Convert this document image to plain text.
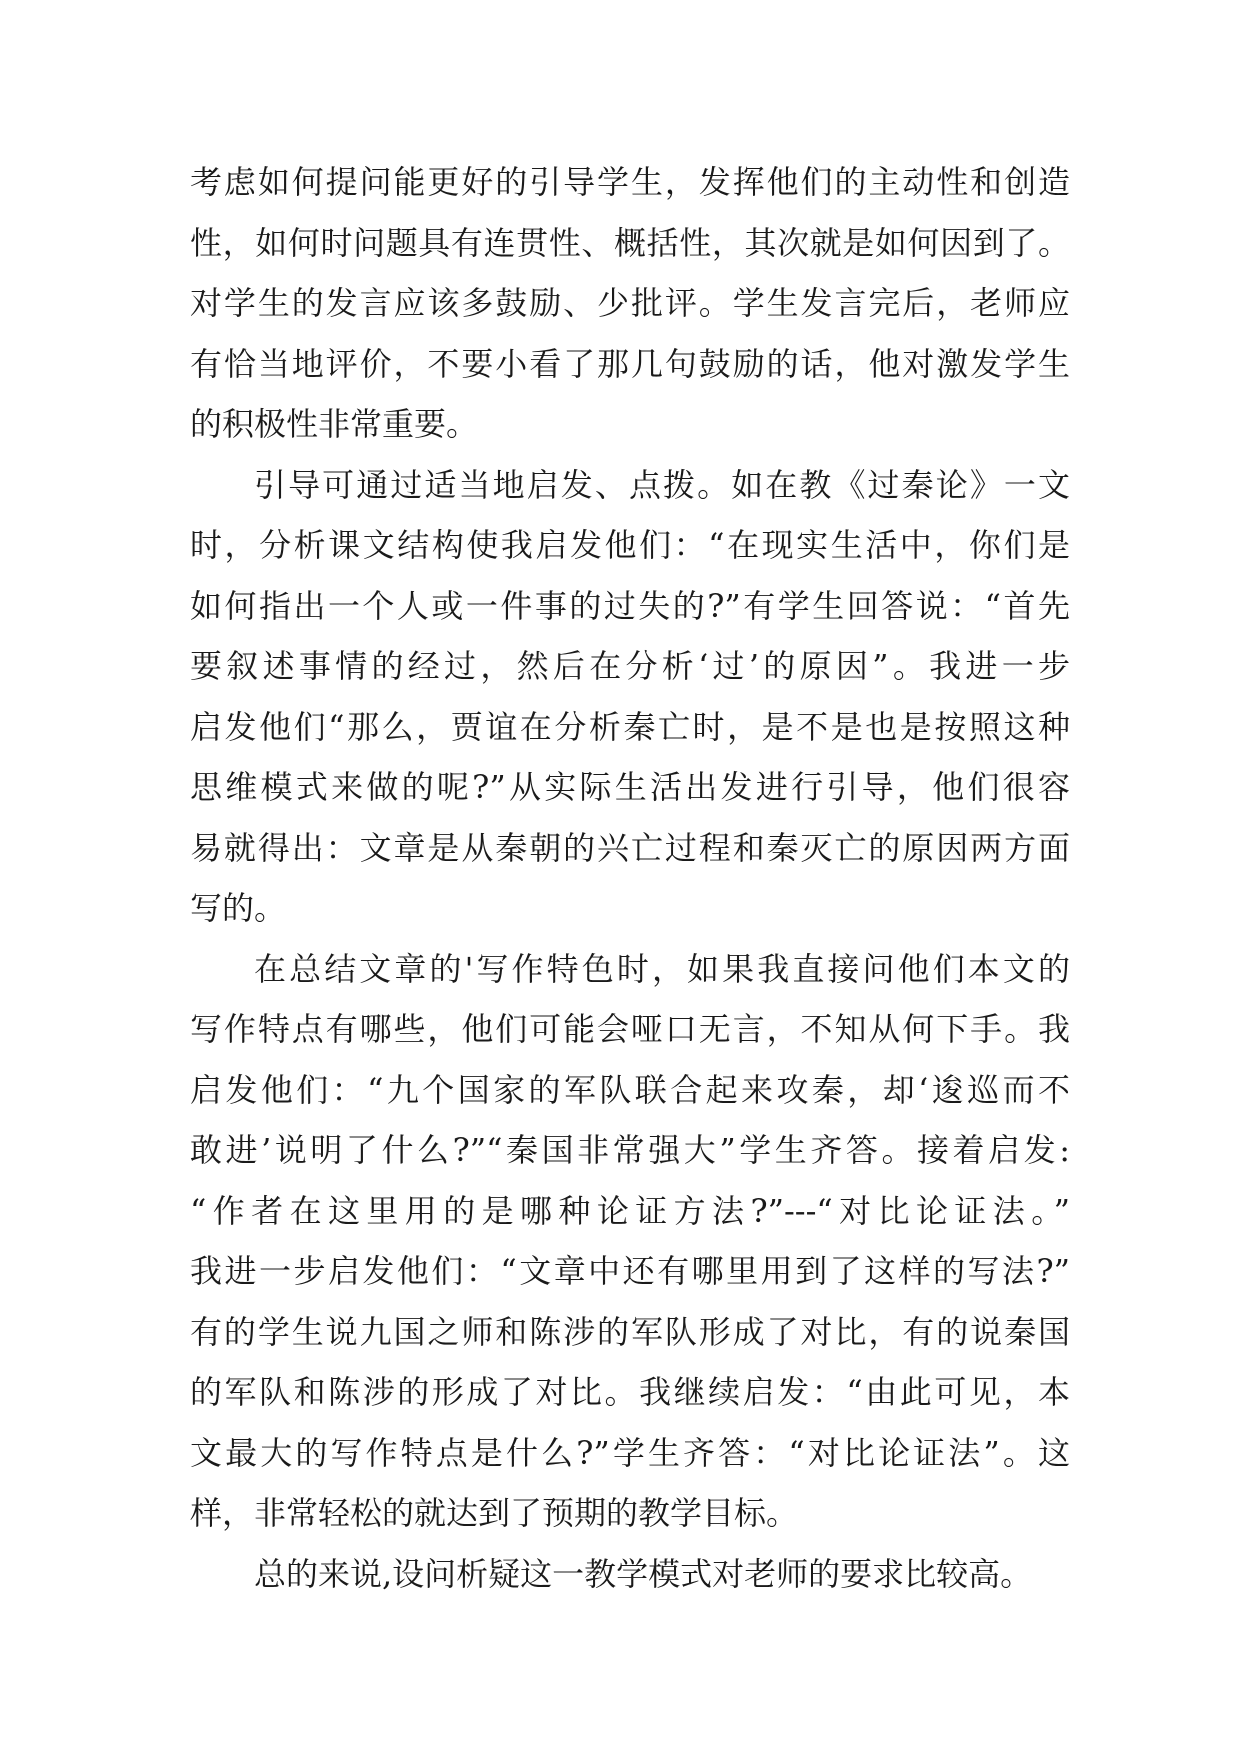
考虑如何提问能更好的引导学生，发挥他们的主动性和创造
性，如何时问题具有连贯性、概括性，其次就是如何因到了。
对学生的发言应该多鼓励、少批评。学生发言完后，老师应
有恰当地评价，不要小看了那几句鼓励的话，他对激发学生
的积极性非常重要。
引导可通过适当地启发、点拨。如在教《过秦论》一文
时，分析课文结构使我启发他们：“在现实生活中，你们是
如何指出一个人或一件事的过失的?”有学生回答说：“首先
要叙述事情的经过，然后在分析‘过’的原因”。我进一步
启发他们“那么，贾谊在分析秦亡时，是不是也是按照这种
思维模式来做的呢?”从实际生活出发进行引导，他们很容
易就得出：文章是从秦朝的兴亡过程和秦灭亡的原因两方面
写的。
在总结文章的'写作特色时，如果我直接问他们本文的
写作特点有哪些，他们可能会哑口无言，不知从何下手。我
启发他们：“九个国家的军队联合起来攻秦，却‘逡巡而不
敢进’说明了什么?”“秦国非常强大”学生齐答。接着启发:
“作者在这里用的是哪种论证方法?”---“对比论证法。”
我进一步启发他们：“文章中还有哪里用到了这样的写法?”
有的学生说九国之师和陈涉的军队形成了对比，有的说秦国
的军队和陈涉的形成了对比。我继续启发：“由此可见，本
文最大的写作特点是什么?”学生齐答：“对比论证法”。这
样，非常轻松的就达到了预期的教学目标。
总的来说,设问析疑这一教学模式对老师的要求比较高。
